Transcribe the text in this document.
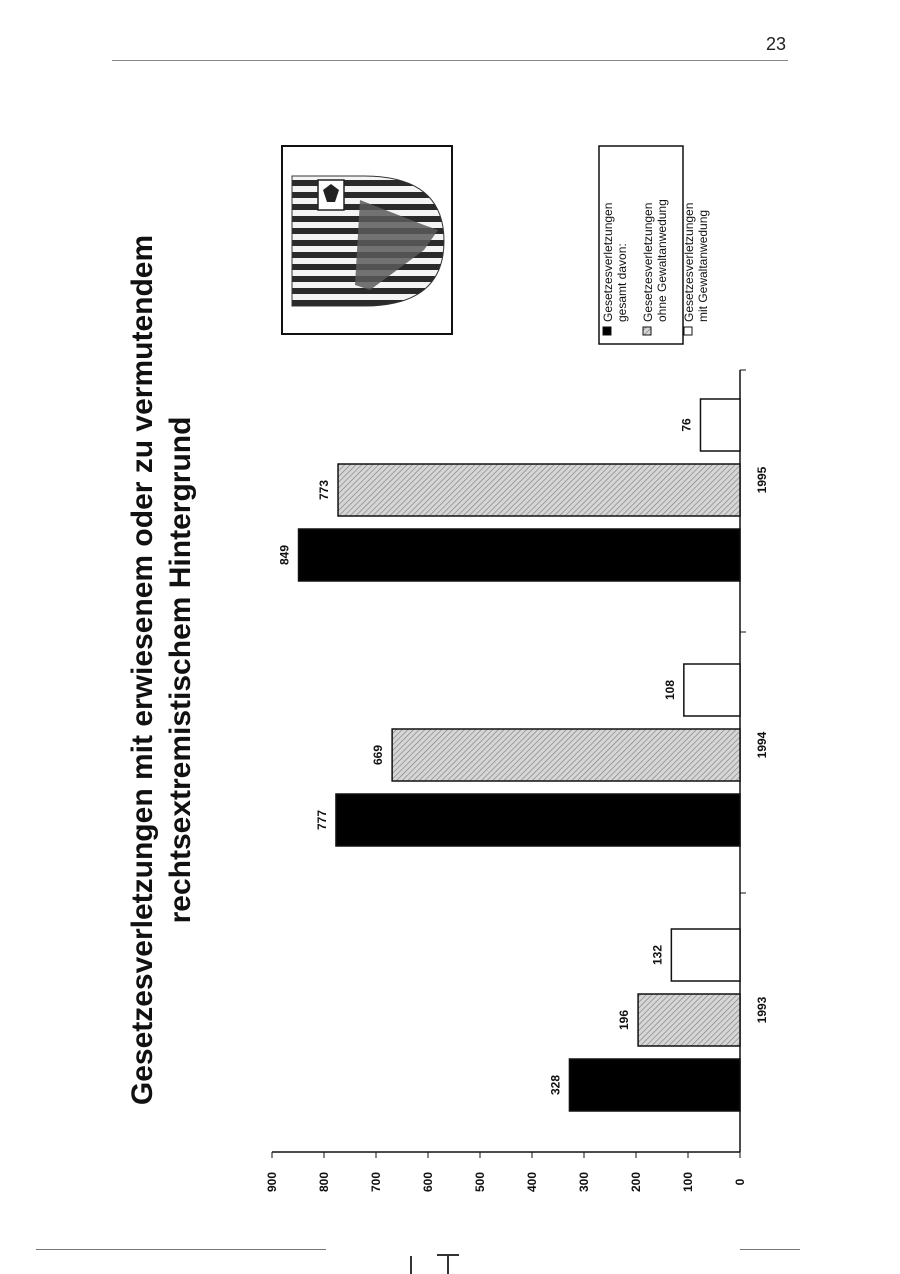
23
Gesetzesverletzungen mit erwiesenem oder zu vermutendem rechtsextremistischem Hintergrund
Gesetzesverletzungen gesamt davon: Gesetzesverletzungen ohne Gewaltanwedung Gesetzesverletzungen mit Gewaltanwedung
0
100
200
300
400
500
600
700
800
900
1993
1994
1995
328
196
132
777
669
108
849
773
76
